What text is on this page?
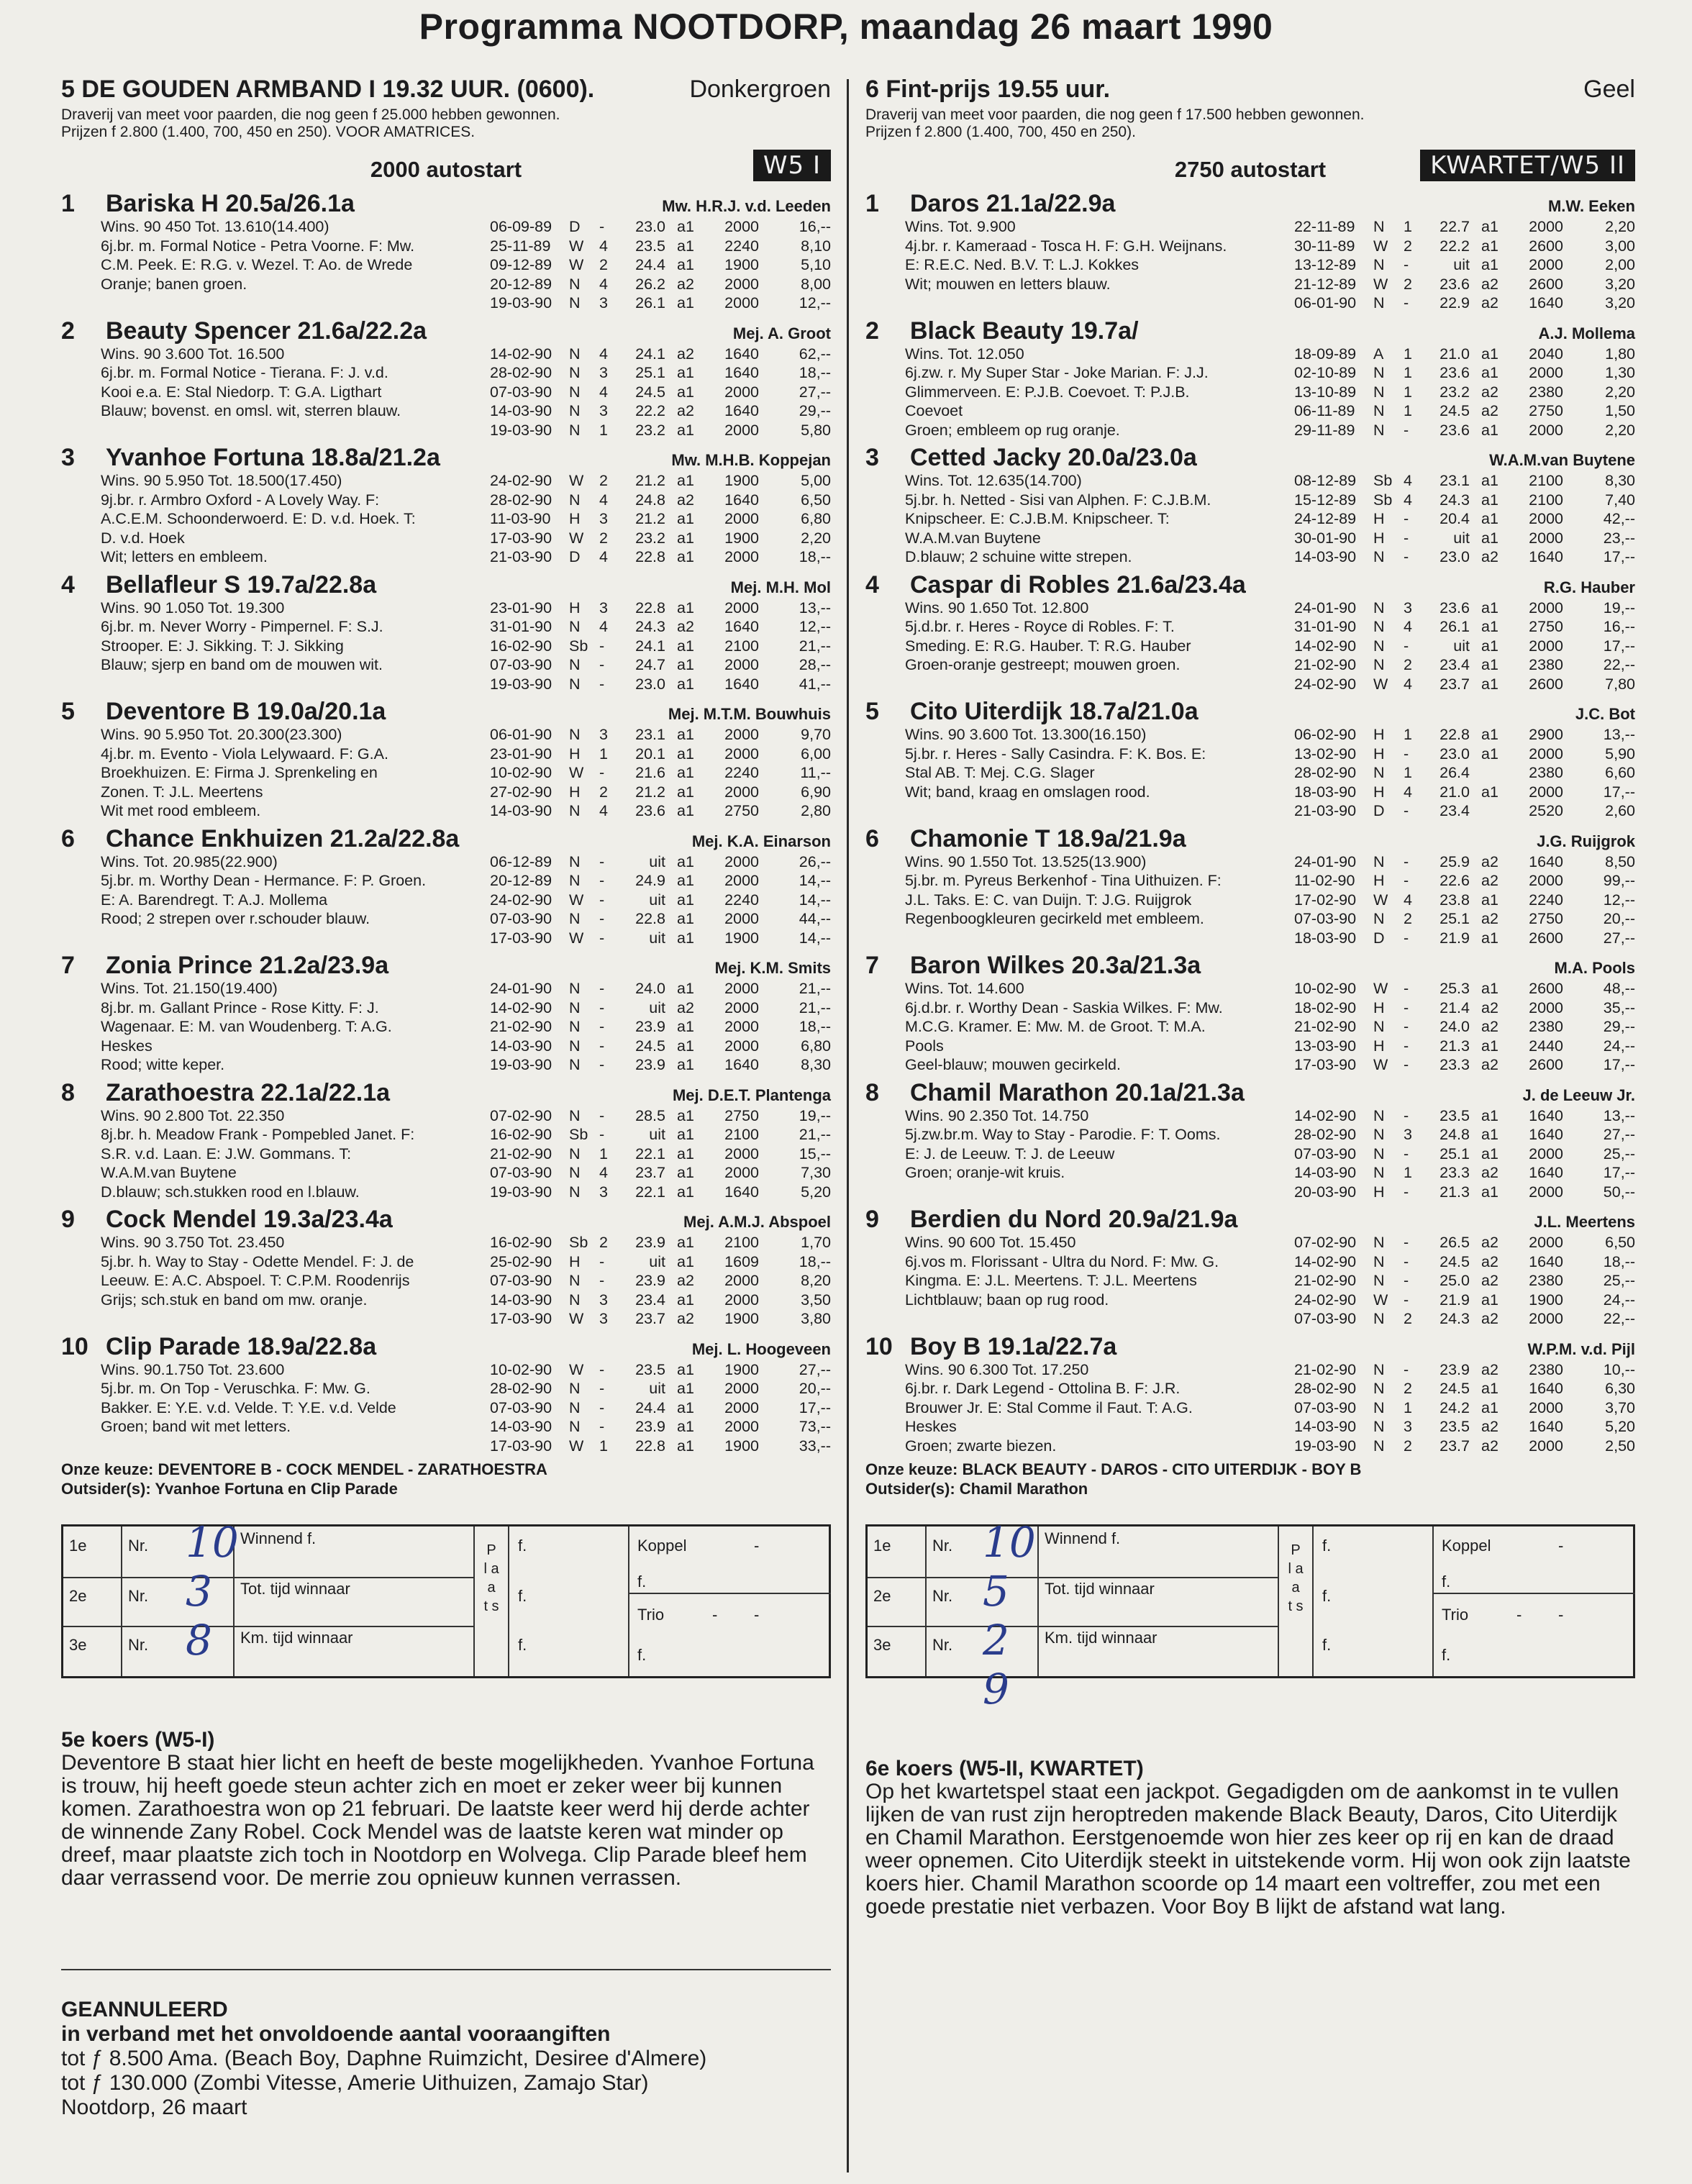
Programma NOOTDORP, maandag 26 maart 1990
5 DE GOUDEN ARMBAND I 19.32 UUR. (0600).	Donkergroen
Draverij van meet voor paarden, die nog geen f 25.000 hebben gewonnen.
Prijzen f 2.800 (1.400, 700, 450 en 250). VOOR AMATRICES.
2000 autostart	W5 I
1	Bariska H 20.5a/26.1a	Mw. H.R.J. v.d. Leeden
Wins. 90 450 Tot. 13.610(14.400)
6j.br. m. Formal Notice - Petra Voorne. F: Mw.
C.M. Peek. E: R.G. v. Wezel. T: Ao. de Wrede
Oranje; banen groen.
06-09-89	D	-	23.0 a1	2000	16,--
25-11-89	W	4	23.5 a1	2240	8,10
09-12-89	W	2	24.4 a1	1900	5,10
20-12-89	N	4	26.2 a2	2000	8,00
19-03-90	N	3	26.1 a1	2000	12,--
2	Beauty Spencer 21.6a/22.2a	Mej. A. Groot
Wins. 90 3.600 Tot. 16.500
6j.br. m. Formal Notice - Tierana. F: J. v.d.
Kooi e.a. E: Stal Niedorp. T: G.A. Ligthart
Blauw; bovenst. en omsl. wit, sterren blauw.
14-02-90	N	4	24.1 a2	1640	62,--
28-02-90	N	3	25.1 a1	1640	18,--
07-03-90	N	4	24.5 a1	2000	27,--
14-03-90	N	3	22.2 a2	1640	29,--
19-03-90	N	1	23.2 a1	2000	5,80
3	Yvanhoe Fortuna 18.8a/21.2a	Mw. M.H.B. Koppejan
Wins. 90 5.950 Tot. 18.500(17.450)
9j.br. r. Armbro Oxford - A Lovely Way. F:
A.C.E.M. Schoonderwoerd. E: D. v.d. Hoek. T:
D. v.d. Hoek
Wit; letters en embleem.
24-02-90	W	2	21.2 a1	1900	5,00
28-02-90	N	4	24.8 a2	1640	6,50
11-03-90	H	3	21.2 a1	2000	6,80
17-03-90	W	2	23.2 a1	1900	2,20
21-03-90	D	4	22.8 a1	2000	18,--
4	Bellafleur S 19.7a/22.8a	Mej. M.H. Mol
Wins. 90 1.050 Tot. 19.300
6j.br. m. Never Worry - Pimpernel. F: S.J.
Strooper. E: J. Sikking. T: J. Sikking
Blauw; sjerp en band om de mouwen wit.
23-01-90	H	3	22.8 a1	2000	13,--
31-01-90	N	4	24.3 a2	1640	12,--
16-02-90	Sb -	24.1 a1	2100	21,--
07-03-90	N	-	24.7 a1	2000	28,--
19-03-90	N	-	23.0 a1	1640	41,--
5	Deventore B 19.0a/20.1a	Mej. M.T.M. Bouwhuis
Wins. 90 5.950 Tot. 20.300(23.300)
4j.br. m. Evento - Viola Lelywaard. F: G.A.
Broekhuizen. E: Firma J. Sprenkeling en
Zonen. T: J.L. Meertens
Wit met rood embleem.
06-01-90	N	3	23.1 a1	2000	9,70
23-01-90	H	1	20.1 a1	2000	6,00
10-02-90	W	-	21.6 a1	2240	11,--
27-02-90	H	2	21.2 a1	2000	6,90
14-03-90	N	4	23.6 a1	2750	2,80
6	Chance Enkhuizen 21.2a/22.8a	Mej. K.A. Einarson
Wins. Tot. 20.985(22.900)
5j.br. m. Worthy Dean - Hermance. F: P. Groen.
E: A. Barendregt. T: A.J. Mollema
Rood; 2 strepen over r.schouder blauw.
06-12-89	N	-	uit a1	2000	26,--
20-12-89	N	-	24.9 a1	2000	14,--
24-02-90	W	-	uit a1	2240	14,--
07-03-90	N	-	22.8 a1	2000	44,--
17-03-90	W	-	uit a1	1900	14,--
7	Zonia Prince 21.2a/23.9a	Mej. K.M. Smits
Wins. Tot. 21.150(19.400)
8j.br. m. Gallant Prince - Rose Kitty. F: J.
Wagenaar. E: M. van Woudenberg. T: A.G.
Heskes
Rood; witte keper.
24-01-90	N	-	24.0 a1	2000	21,--
14-02-90	N	-	uit a2	2000	21,--
21-02-90	N	-	23.9 a1	2000	18,--
14-03-90	N	-	24.5 a1	2000	6,80
19-03-90	N	-	23.9 a1	1640	8,30
8	Zarathoestra 22.1a/22.1a	Mej. D.E.T. Plantenga
Wins. 90 2.800 Tot. 22.350
8j.br. h. Meadow Frank - Pompebled Janet. F:
S.R. v.d. Laan. E: J.W. Gommans. T:
W.A.M.van Buytene
D.blauw; sch.stukken rood en l.blauw.
07-02-90	N	-	28.5 a1	2750	19,--
16-02-90	Sb -	uit a1	2100	21,--
21-02-90	N	1	22.1 a1	2000	15,--
07-03-90	N	4	23.7 a1	2000	7,30
19-03-90	N	3	22.1 a1	1640	5,20
9	Cock Mendel 19.3a/23.4a	Mej. A.M.J. Abspoel
Wins. 90 3.750 Tot. 23.450
5j.br. h. Way to Stay - Odette Mendel. F: J. de
Leeuw. E: A.C. Abspoel. T: C.P.M. Roodenrijs
Grijs; sch.stuk en band om mw. oranje.
16-02-90	Sb 2	23.9 a1	2100	1,70
25-02-90	H	-	uit a1	1609	18,--
07-03-90	N	-	23.9 a2	2000	8,20
14-03-90	N	3	23.4 a1	2000	3,50
17-03-90	W	3	23.7 a2	1900	3,80
10 Clip Parade 18.9a/22.8a	Mej. L. Hoogeveen
Wins. 90.1.750 Tot. 23.600
5j.br. m. On Top - Veruschka. F: Mw. G.
Bakker. E: Y.E. v.d. Velde. T: Y.E. v.d. Velde
Groen; band wit met letters.
10-02-90	W	-	23.5 a1	1900	27,--
28-02-90	N	-	uit a1	2000	20,--
07-03-90	N	-	24.4 a1	2000	17,--
14-03-90	N	-	23.9 a1	2000	73,--
17-03-90	W	1	22.8 a1	1900	33,--
Onze keuze: DEVENTORE B - COCK MENDEL - ZARATHOESTRA
Outsider(s): Yvanhoe Fortuna en Clip Parade
1e	Nr.	Winnend f.	f.
2e	Nr.	Tot. tijd winnaar	f.
3e	Nr.	Km. tijd winnaar	f.
P l a a t s
Koppel	-
f.
Trio	- -
f.
10
3
8
5e koers (W5-I)
Deventore B staat hier licht en heeft de beste mogelijkheden. Yvanhoe Fortuna is trouw, hij heeft goede steun achter zich en moet er zeker weer bij kunnen komen. Zarathoestra won op 21 februari. De laatste keer werd hij derde achter de winnende Zany Robel. Cock Mendel was de laatste keren wat minder op dreef, maar plaatste zich toch in Nootdorp en Wolvega. Clip Parade bleef hem daar verrassend voor. De merrie zou opnieuw kunnen verrassen.
GEANNULEERD
in verband met het onvoldoende aantal vooraangiften
tot ƒ 8.500 Ama. (Beach Boy, Daphne Ruimzicht, Desiree d'Almere)
tot ƒ 130.000 (Zombi Vitesse, Amerie Uithuizen, Zamajo Star)
Nootdorp, 26 maart
6 Fint-prijs 19.55 uur.	Geel
Draverij van meet voor paarden, die nog geen f 17.500 hebben gewonnen.
Prijzen f 2.800 (1.400, 700, 450 en 250).
2750 autostart	KWARTET/W5 II
1	Daros 21.1a/22.9a	M.W. Eeken
Wins. Tot. 9.900
4j.br. r. Kameraad - Tosca H. F: G.H. Weijnans.
E: R.E.C. Ned. B.V. T: L.J. Kokkes
Wit; mouwen en letters blauw.
22-11-89	N	1	22.7 a1	2000	2,20
30-11-89	W	2	22.2 a1	2600	3,00
13-12-89	N	-	uit a1	2000	2,00
21-12-89	W	2	23.6 a2	2600	3,20
06-01-90	N	-	22.9 a2	1640	3,20
2	Black Beauty 19.7a/	A.J. Mollema
Wins. Tot. 12.050
6j.zw. r. My Super Star - Joke Marian. F: J.J.
Glimmerveen. E: P.J.B. Coevoet. T: P.J.B.
Coevoet
Groen; embleem op rug oranje.
18-09-89	A	1	21.0 a1	2040	1,80
02-10-89	N	1	23.6 a1	2000	1,30
13-10-89	N	1	23.2 a2	2380	2,20
06-11-89	N	1	24.5 a2	2750	1,50
29-11-89	N	-	23.6 a1	2000	2,20
3	Cetted Jacky 20.0a/23.0a	W.A.M.van Buytene
Wins. Tot. 12.635(14.700)
5j.br. h. Netted - Sisi van Alphen. F: C.J.B.M.
Knipscheer. E: C.J.B.M. Knipscheer. T:
W.A.M.van Buytene
D.blauw; 2 schuine witte strepen.
08-12-89	Sb 4	23.1 a1	2100	8,30
15-12-89	Sb 4	24.3 a1	2100	7,40
24-12-89	H	-	20.4 a1	2000	42,--
30-01-90	H	-	uit a1	2000	23,--
14-03-90	N	-	23.0 a2	1640	17,--
4	Caspar di Robles 21.6a/23.4a	R.G. Hauber
Wins. 90 1.650 Tot. 12.800
5j.d.br. r. Heres - Royce di Robles. F: T.
Smeding. E: R.G. Hauber. T: R.G. Hauber
Groen-oranje gestreept; mouwen groen.
24-01-90	N	3	23.6 a1	2000	19,--
31-01-90	N	4	26.1 a1	2750	16,--
14-02-90	N	-	uit a1	2000	17,--
21-02-90	N	2	23.4 a1	2380	22,--
24-02-90	W	4	23.7 a1	2600	7,80
5	Cito Uiterdijk 18.7a/21.0a	J.C. Bot
Wins. 90 3.600 Tot. 13.300(16.150)
5j.br. r. Heres - Sally Casindra. F: K. Bos. E:
Stal AB. T: Mej. C.G. Slager
Wit; band, kraag en omslagen rood.
06-02-90	H	1	22.8 a1	2900	13,--
13-02-90	H	-	23.0 a1	2000	5,90
28-02-90	N	1	26.4	2380	6,60
18-03-90	H	4	21.0 a1	2000	17,--
21-03-90	D	-	23.4	2520	2,60
6	Chamonie T 18.9a/21.9a	J.G. Ruijgrok
Wins. 90 1.550 Tot. 13.525(13.900)
5j.br. m. Pyreus Berkenhof - Tina Uithuizen. F:
J.L. Taks. E: C. van Duijn. T: J.G. Ruijgrok
Regenboogkleuren gecirkeld met embleem.
24-01-90	N	-	25.9 a2	1640	8,50
11-02-90	H	-	22.6 a2	2000	99,--
17-02-90	W	4	23.8 a1	2240	12,--
07-03-90	N	2	25.1 a2	2750	20,--
18-03-90	D	-	21.9 a1	2600	27,--
7	Baron Wilkes 20.3a/21.3a	M.A. Pools
Wins. Tot. 14.600
6j.d.br. r. Worthy Dean - Saskia Wilkes. F: Mw.
M.C.G. Kramer. E: Mw. M. de Groot. T: M.A.
Pools
Geel-blauw; mouwen gecirkeld.
10-02-90	W	-	25.3 a1	2600	48,--
18-02-90	H	-	21.4 a2	2000	35,--
21-02-90	N	-	24.0 a2	2380	29,--
13-03-90	H	-	21.3 a1	2440	24,--
17-03-90	W	-	23.3 a2	2600	17,--
8	Chamil Marathon 20.1a/21.3a	J. de Leeuw Jr.
Wins. 90 2.350 Tot. 14.750
5j.zw.br.m. Way to Stay - Parodie. F: T. Ooms.
E: J. de Leeuw. T: J. de Leeuw
Groen; oranje-wit kruis.
14-02-90	N	-	23.5 a1	1640	13,--
28-02-90	N	3	24.8 a1	1640	27,--
07-03-90	N	-	25.1 a1	2000	25,--
14-03-90	N	1	23.3 a2	1640	17,--
20-03-90	H	-	21.3 a1	2000	50,--
9	Berdien du Nord 20.9a/21.9a	J.L. Meertens
Wins. 90 600 Tot. 15.450
6j.vos m. Florissant - Ultra du Nord. F: Mw. G.
Kingma. E: J.L. Meertens. T: J.L. Meertens
Lichtblauw; baan op rug rood.
07-02-90	N	-	26.5 a2	2000	6,50
14-02-90	N	-	24.5 a2	1640	18,--
21-02-90	N	-	25.0 a2	2380	25,--
24-02-90	W	-	21.9 a1	1900	24,--
07-03-90	N	2	24.3 a2	2000	22,--
10 Boy B 19.1a/22.7a	W.P.M. v.d. Pijl
Wins. 90 6.300 Tot. 17.250
6j.br. r. Dark Legend - Ottolina B. F: J.R.
Brouwer Jr. E: Stal Comme il Faut. T: A.G.
Heskes
Groen; zwarte biezen.
21-02-90	N	-	23.9 a2	2380	10,--
28-02-90	N	2	24.5 a1	1640	6,30
07-03-90	N	1	24.2 a1	2000	3,70
14-03-90	N	3	23.5 a2	1640	5,20
19-03-90	N	2	23.7 a2	2000	2,50
Onze keuze: BLACK BEAUTY - DAROS - CITO UITERDIJK - BOY B
Outsider(s): Chamil Marathon
1e	Nr.	Winnend f.	f.
2e	Nr.	Tot. tijd winnaar	f.
3e	Nr.	Km. tijd winnaar	f.
P l a a t s
Koppel	-
f.
Trio	- -
f.
10
5
2
9
6e koers (W5-II, KWARTET)
Op het kwartetspel staat een jackpot. Gegadigden om de aankomst in te vullen lijken de van rust zijn heroptreden makende Black Beauty, Daros, Cito Uiterdijk en Chamil Marathon. Eerstgenoemde won hier zes keer op rij en kan de draad weer opnemen. Cito Uiterdijk steekt in uitstekende vorm. Hij won ook zijn laatste koers hier. Chamil Marathon scoorde op 14 maart een voltreffer, zou met een goede prestatie niet verbazen. Voor Boy B lijkt de afstand wat lang.
